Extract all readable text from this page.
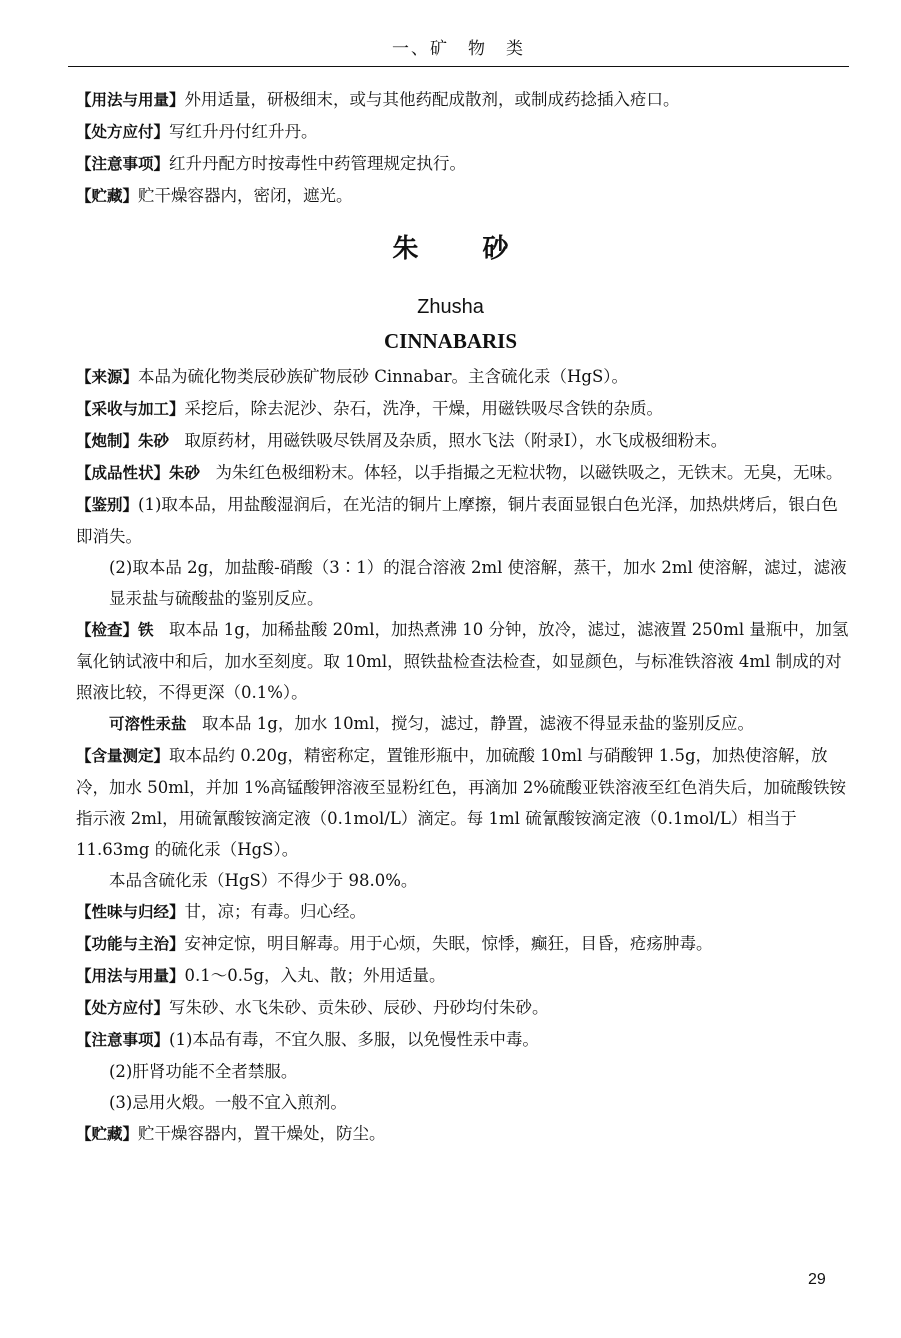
一、矿　物　类

【用法与用量】外用适量，研极细末，或与其他药配成散剂，或制成药捻插入疮口。

【处方应付】写红升丹付红升丹。

【注意事项】红升丹配方时按毒性中药管理规定执行。

【贮藏】贮干燥容器内，密闭，遮光。

朱砂
Zhusha
CINNABARIS

【来源】本品为硫化物类辰砂族矿物辰砂 Cinnabar。主含硫化汞（HgS）。

【采收与加工】采挖后，除去泥沙、杂石，洗净，干燥，用磁铁吸尽含铁的杂质。

【炮制】朱砂　取原药材，用磁铁吸尽铁屑及杂质，照水飞法（附录Ⅰ），水飞成极细粉末。

【成品性状】朱砂　为朱红色极细粉末。体轻，以手指撮之无粒状物，以磁铁吸之，无铁末。无臭，无味。

【鉴别】(1)取本品，用盐酸湿润后，在光洁的铜片上摩擦，铜片表面显银白色光泽，加热烘烤后，银白色即消失。

(2)取本品 2g，加盐酸-硝酸（3∶1）的混合溶液 2ml 使溶解，蒸干，加水 2ml 使溶解，滤过，滤液显汞盐与硫酸盐的鉴别反应。

【检查】铁　取本品 1g，加稀盐酸 20ml，加热煮沸 10 分钟，放冷，滤过，滤液置 250ml 量瓶中，加氢氧化钠试液中和后，加水至刻度。取 10ml，照铁盐检查法检查，如显颜色，与标准铁溶液 4ml 制成的对照液比较，不得更深（0.1%）。

可溶性汞盐　取本品 1g，加水 10ml，搅匀，滤过，静置，滤液不得显汞盐的鉴别反应。

【含量测定】取本品约 0.20g，精密称定，置锥形瓶中，加硫酸 10ml 与硝酸钾 1.5g，加热使溶解，放冷，加水 50ml，并加 1%高锰酸钾溶液至显粉红色，再滴加 2%硫酸亚铁溶液至红色消失后，加硫酸铁铵指示液 2ml，用硫氰酸铵滴定液（0.1mol/L）滴定。每 1ml 硫氰酸铵滴定液（0.1mol/L）相当于 11.63mg 的硫化汞（HgS）。

本品含硫化汞（HgS）不得少于 98.0%。

【性味与归经】甘，凉；有毒。归心经。

【功能与主治】安神定惊，明目解毒。用于心烦，失眠，惊悸，癫狂，目昏，疮疡肿毒。

【用法与用量】0.1～0.5g，入丸、散；外用适量。

【处方应付】写朱砂、水飞朱砂、贡朱砂、辰砂、丹砂均付朱砂。

【注意事项】(1)本品有毒，不宜久服、多服，以免慢性汞中毒。

(2)肝肾功能不全者禁服。

(3)忌用火煅。一般不宜入煎剂。

【贮藏】贮干燥容器内，置干燥处，防尘。

29
